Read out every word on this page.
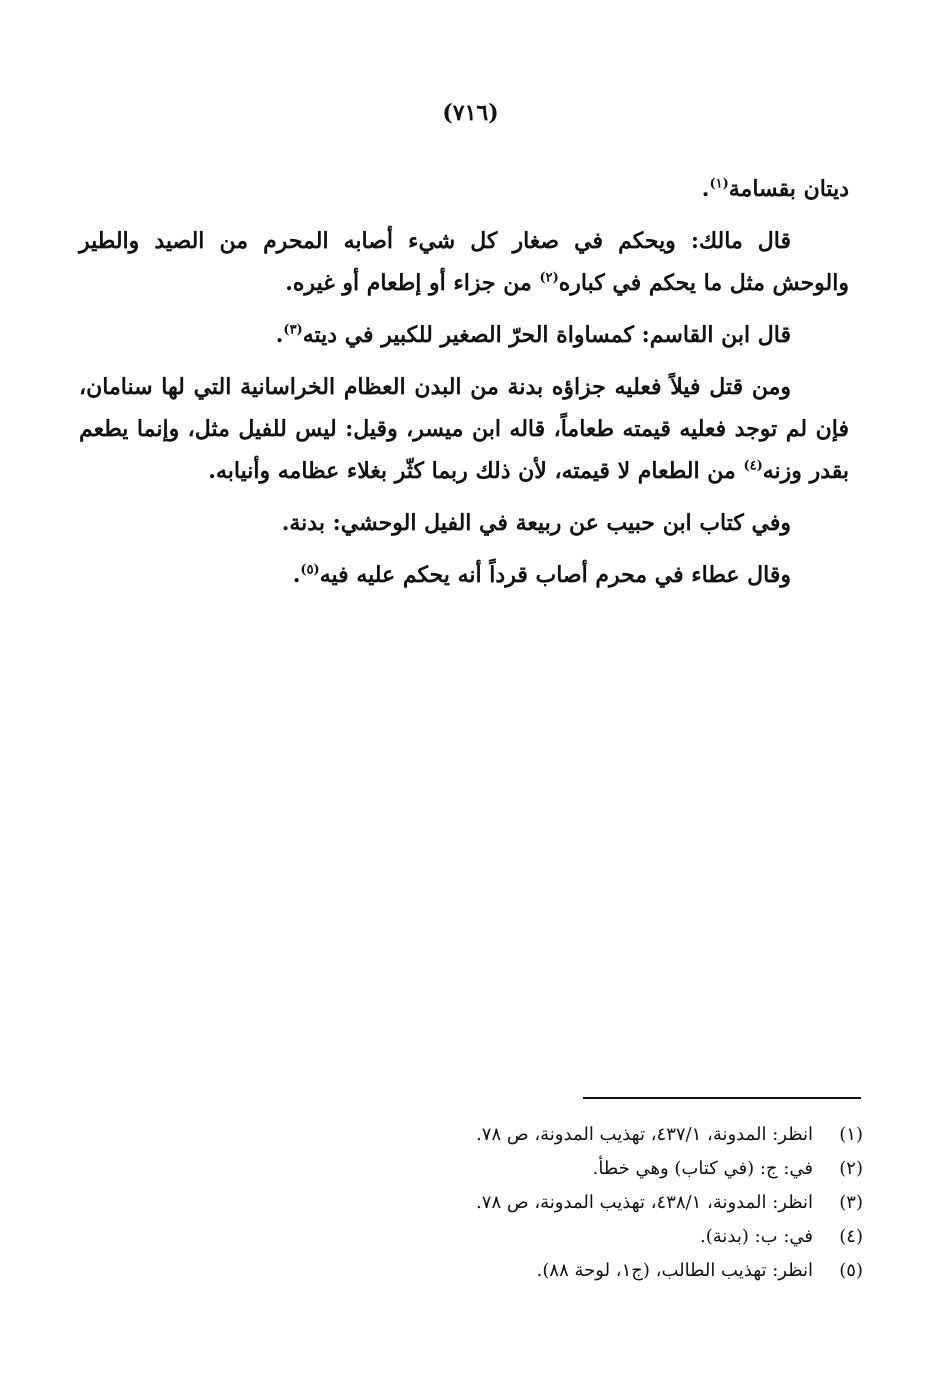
(٧١٦)

ديتان بقسامة$^{(١)}$.

قال مالك: ويحكم في صغار كل شيء أصابه المحرم من الصيد والطير والوحش مثل ما يحكم في كباره$^{(٢)}$ من جزاء أو إطعام أو غيره.

قال ابن القاسم: كمساواة الحرّ الصغير للكبير في ديته$^{(٣)}$.

ومن قتل فيلاً فعليه جزاؤه بدنة من البدن العظام الخراسانية التي لها سنامان، فإن لم توجد فعليه قيمته طعاماً، قاله ابن ميسر، وقيل: ليس للفيل مثل، وإنما يطعم بقدر وزنه$^{(٤)}$ من الطعام لا قيمته، لأن ذلك ربما كثّر بغلاء عظامه وأنيابه.

وفي كتاب ابن حبيب عن ربيعة في الفيل الوحشي: بدنة.

وقال عطاء في محرم أصاب قرداً أنه يحكم عليه فيه$^{(٥)}$.

(١)
انظر: المدونة، ٤٣٧/١، تهذيب المدونة، ص ٧٨.
(٢)
في: ج: (في كتاب) وهي خطأ.
(٣)
انظر: المدونة، ٤٣٨/١، تهذيب المدونة، ص ٧٨.
(٤)
في: ب: (بدنة).
(٥)
انظر: تهذيب الطالب، (ج١، لوحة ٨٨).
